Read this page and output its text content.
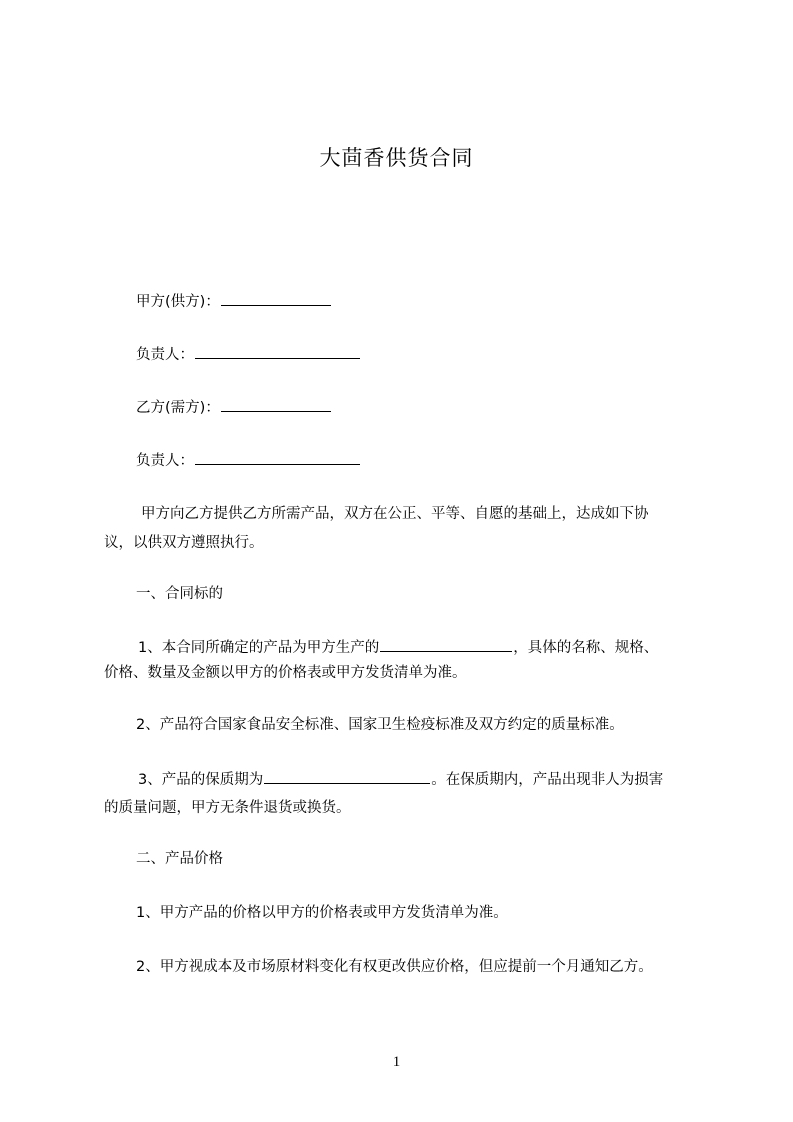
大茴香供货合同
甲方(供方)：
负责人：
乙方(需方)：
负责人：
甲方向乙方提供乙方所需产品，双方在公正、平等、自愿的基础上，达成如下协
议，以供双方遵照执行。
一、合同标的
1、本合同所确定的产品为甲方生产的	，具体的名称、规格、
价格、数量及金额以甲方的价格表或甲方发货清单为准。
2、产品符合国家食品安全标准、国家卫生检疫标准及双方约定的质量标准。
3、产品的保质期为	。在保质期内，产品出现非人为损害
的质量问题，甲方无条件退货或换货。
二、产品价格
1、甲方产品的价格以甲方的价格表或甲方发货清单为准。
2、甲方视成本及市场原材料变化有权更改供应价格，但应提前一个月通知乙方。
1
